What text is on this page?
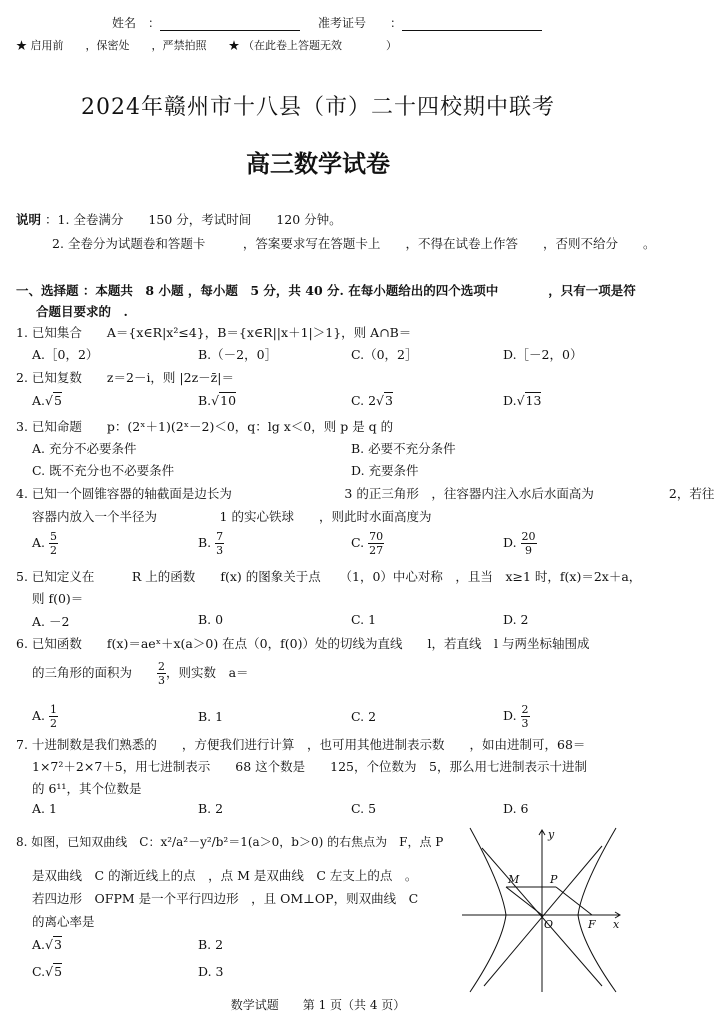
姓名　：	准考证号　　：
★ 启用前　　 ，保密处　　 ，严禁拍照　　 ★ （在此卷上答题无效　　　　	）
2024年赣州市十八县（市）二十四校期中联考
高三数学试卷
说明 ：1. 全卷满分　　 150 分，考试时间　　 120 分钟。
2. 全卷分为试题卷和答题卡　　　	，答案要求写在答题卡上　　 ，不得在试卷上作答　　 ，否则不给分　　 。
一、选择题 ：本题共　 8 小题 ，每小题　 5 分，共 40 分. 在每小题给出的四个选项中　　　　	，只有一项是符
合题目要求的　 .
1. 已知集合　　A＝{x∈R|x²≤4}，B＝{x∈R||x＋1|＞1}，则 A∩B＝
A.［0，2）	B.（－2，0］	C.（0，2］	D.［－2，0）
2. 已知复数　　z＝2－i，则 |2z－z̄|＝
A.√5	B.√10	C. 2√3	D.√13
3. 已知命题　　p：(2ˣ＋1)(2ˣ－2)＜0，q：lg x＜0，则 p 是 q 的
A. 充分不必要条件	B. 必要不充分条件
C. 既不充分也不必要条件	D. 充要条件
4. 已知一个圆锥容器的轴截面是边长为　　　　　　　　　	3 的正三角形　 ，往容器内注入水后水面高为　　　　　　	2，若往
容器内放入一个半径为　　　　　	1 的实心铁球　　 ，则此时水面高度为
A. $\frac{5}{2}$	B. $\frac{7}{3}$	C. $\frac{70}{27}$	D. $\frac{20}{9}$
5. 已知定义在　　　	R 上的函数　　 f(x) 的图象关于点　　 （1，0）中心对称　 ，且当　 x≥1 时，f(x)＝2x＋a，
则 f(0)＝
A. －2	B. 0	C. 1	D. 2
6. 已知函数　　 f(x)＝aeˣ＋x(a＞0) 在点（0，f(0)）处的切线为直线　　 l，若直线　 l 与两坐标轴围成
的三角形的面积为　　 $\frac{2}{3}$ ，则实数　 a＝
A. $\frac{1}{2}$	B. 1	C. 2	D. $\frac{2}{3}$
7. 十进制数是我们熟悉的　　 ，方便我们进行计算　 ，也可用其他进制表示数　　 ，如由进制可，68＝
1×7²＋2×7＋5，用七进制表示　　 68 这个数是　　 125，个位数为　 5，那么用七进制表示十进制
的 6¹¹，其个位数是
A. 1	B. 2	C. 5	D. 6
8. 如图，已知双曲线　 C：x²/a²－y²/b²＝1(a＞0，b＞0) 的右焦点为　 F，点 P
是双曲线　 C 的渐近线上的点　 ，点 M 是双曲线　 C 左支上的点　 。
若四边形　 OFPM 是一个平行四边形　 ，且 OM⊥OP，则双曲线　 C
的离心率是
A.√3	B. 2
C.√5	D. 3
M	P
O	F x
y
数学试题　　 第 1 页（共 4 页）
